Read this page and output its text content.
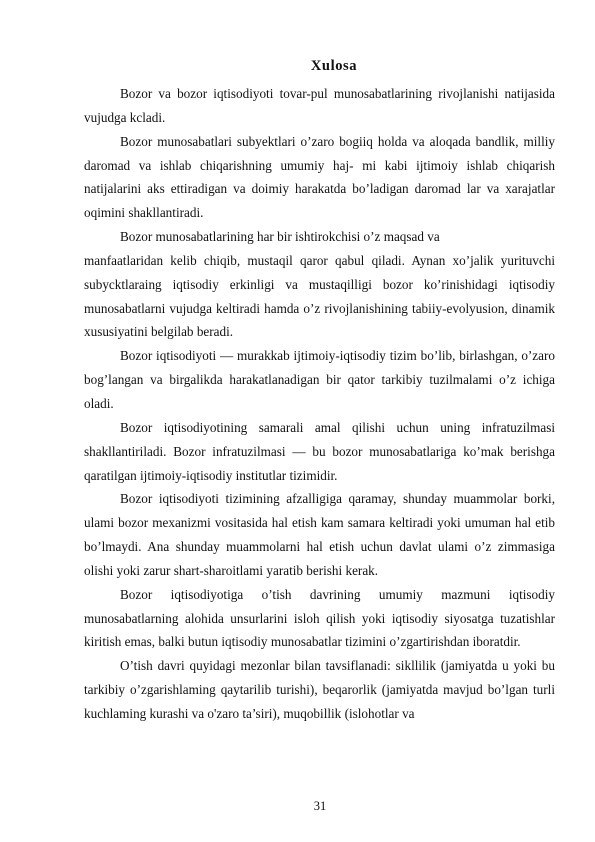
Xulosa

Bozor va bozor iqtisodiyoti tovar-pul munosabatlarining rivojlanishi natijasida vujudga kcladi.

Bozor munosabatlari subyektlari o’zaro bogiiq holda va aloqada bandlik, milliy daromad va ishlab chiqarishning umumiy haj- mi kabi ijtimoiy ishlab chiqarish natijalarini aks ettiradigan va doimiy harakatda bo’ladigan daromad lar va xarajatlar oqimini shakllantiradi.

Bozor munosabatlarining har bir ishtirokchisi o’z maqsad va

manfaatlaridan kelib chiqib, mustaqil qaror qabul qiladi. Aynan xo’jalik yurituvchi subycktlaraing iqtisodiy erkinligi va mustaqilligi bozor ko’rinishidagi iqtisodiy munosabatlarni vujudga keltiradi hamda o’z rivojlanishining tabiiy-evolyusion, dinamik xususiyatini belgilab beradi.

Bozor iqtisodiyoti — murakkab ijtimoiy-iqtisodiy tizim bo’lib, birlashgan, o’zaro bog’langan va birgalikda harakatlanadigan bir qator tarkibiy tuzilmalami o’z ichiga oladi.

Bozor iqtisodiyotining samarali amal qilishi uchun uning infratuzilmasi shakllantiriladi. Bozor infratuzilmasi — bu bozor munosabatlariga ko’mak berishga qaratilgan ijtimoiy-iqtisodiy institutlar tizimidir.

Bozor iqtisodiyoti tizimining afzalligiga qaramay, shunday muammolar borki, ulami bozor mexanizmi vositasida hal etish kam samara keltiradi yoki umuman hal etib bo’lmaydi. Ana shunday muammolarni hal etish uchun davlat ulami o’z zimmasiga olishi yoki zarur shart-sharoitlami yaratib berishi kerak.

Bozor iqtisodiyotiga o’tish davrining umumiy mazmuni iqtisodiy munosabatlarning alohida unsurlarini isloh qilish yoki iqtisodiy siyosatga tuzatishlar kiritish emas, balki butun iqtisodiy munosabatlar tizimini o’zgartirishdan iboratdir.

O’tish davri quyidagi mezonlar bilan tavsiflanadi: sikllilik (jamiyatda u yoki bu tarkibiy o’zgarishlaming qaytarilib turishi), beqarorlik (jamiyatda mavjud bo’lgan turli kuchlaming kurashi va o'zaro ta’siri), muqobillik (islohotlar va

31
